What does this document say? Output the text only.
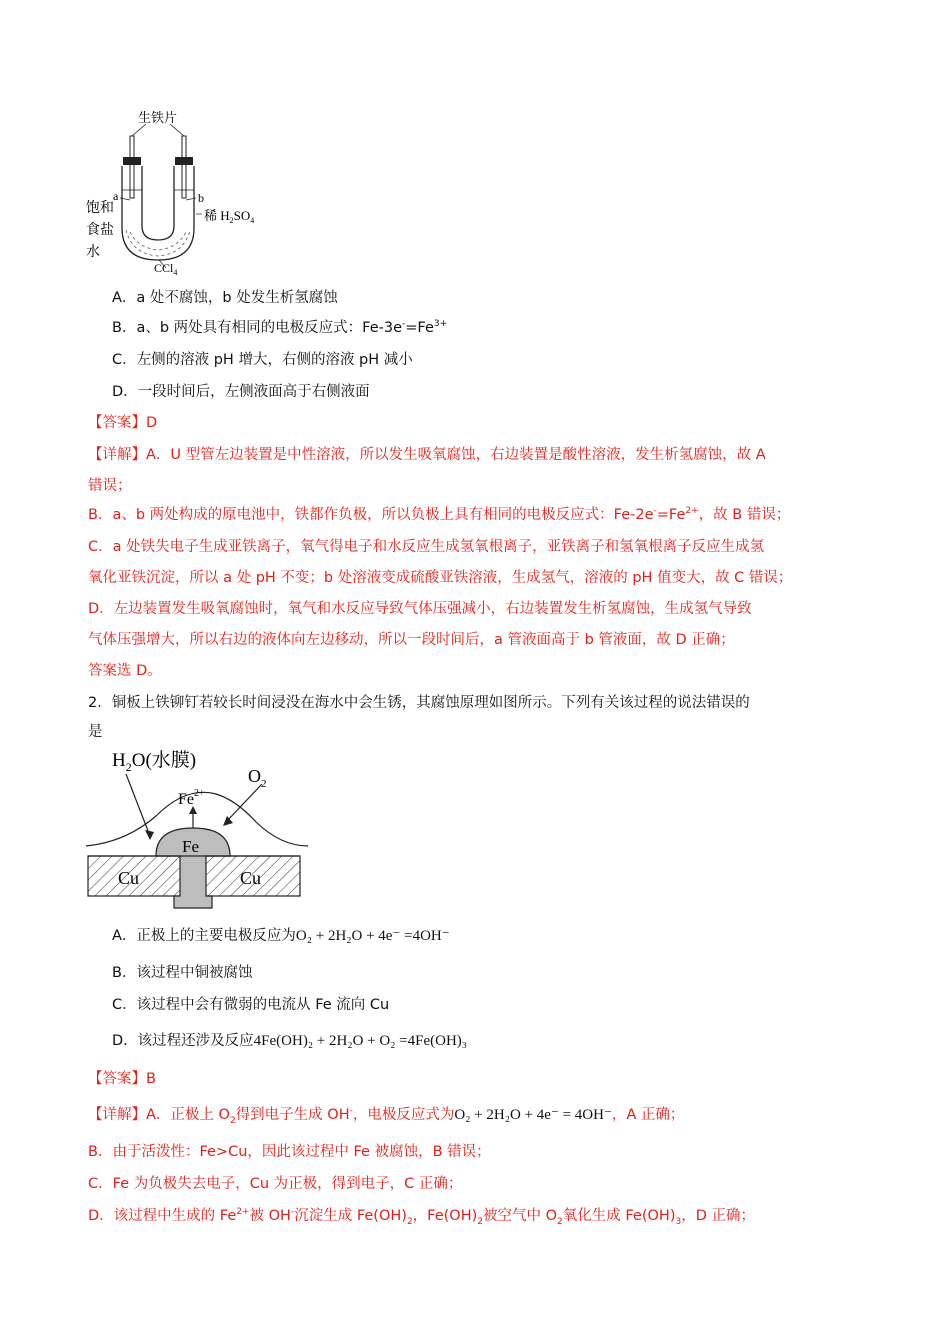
生铁片
a	b
饱和
食盐
水
稀 $H_2SO_4$
CCl$_4$
A．a 处不腐蚀，b 处发生析氢腐蚀
B．a、b 两处具有相同的电极反应式：$Fe-3e^-=Fe^{3+}$
C．左侧的溶液 pH 增大，右侧的溶液 pH 减小
D．一段时间后，左侧液面高于右侧液面
【答案】D
【详解】A．U 型管左边装置是中性溶液，所以发生吸氧腐蚀，右边装置是酸性溶液，发生析氢腐蚀，故 A
错误；
B．a、b 两处构成的原电池中，铁都作负极，所以负极上具有相同的电极反应式：$Fe-2e^-=Fe^{2+}$，故 B 错误；
C．a 处铁失电子生成亚铁离子，氧气得电子和水反应生成氢氧根离子，亚铁离子和氢氧根离子反应生成氢
氧化亚铁沉淀，所以 a 处 pH 不变；b 处溶液变成硫酸亚铁溶液，生成氢气，溶液的 pH 值变大，故 C 错误；
D．左边装置发生吸氧腐蚀时，氧气和水反应导致气体压强减小，右边装置发生析氢腐蚀，生成氢气导致
气体压强增大，所以右边的液体向左边移动，所以一段时间后，a 管液面高于 b 管液面，故 D 正确；
答案选 D。
2．铜板上铁铆钉若较长时间浸没在海水中会生锈，其腐蚀原理如图所示。下列有关该过程的说法错误的
是
$H_2O$(水膜)
$O_2$
$Fe^{2+}$
Fe
Cu	Cu
A．正极上的主要电极反应为O₂ + 2H₂O + 4e⁻ =4OH⁻
B．该过程中铜被腐蚀
C．该过程中会有微弱的电流从 Fe 流向 Cu
D．该过程还涉及反应4Fe(OH)₂ + 2H₂O + O₂ =4Fe(OH)₃
【答案】B
【详解】A．正极上 $O_2$得到电子生成 OH-，电极反应式为O₂ + 2H₂O + 4e⁻ = 4OH⁻，A 正确；
B．由于活泼性：Fe>Cu，因此该过程中 Fe 被腐蚀，B 错误；
C．Fe 为负极失去电子，Cu 为正极，得到电子，C 正确；
D．该过程中生成的 $Fe^{2+}$被 OH-沉淀生成 $Fe(OH)_2$，$Fe(OH)_2$被空气中 $O_2$氧化生成 $Fe(OH)_3$，D 正确；
